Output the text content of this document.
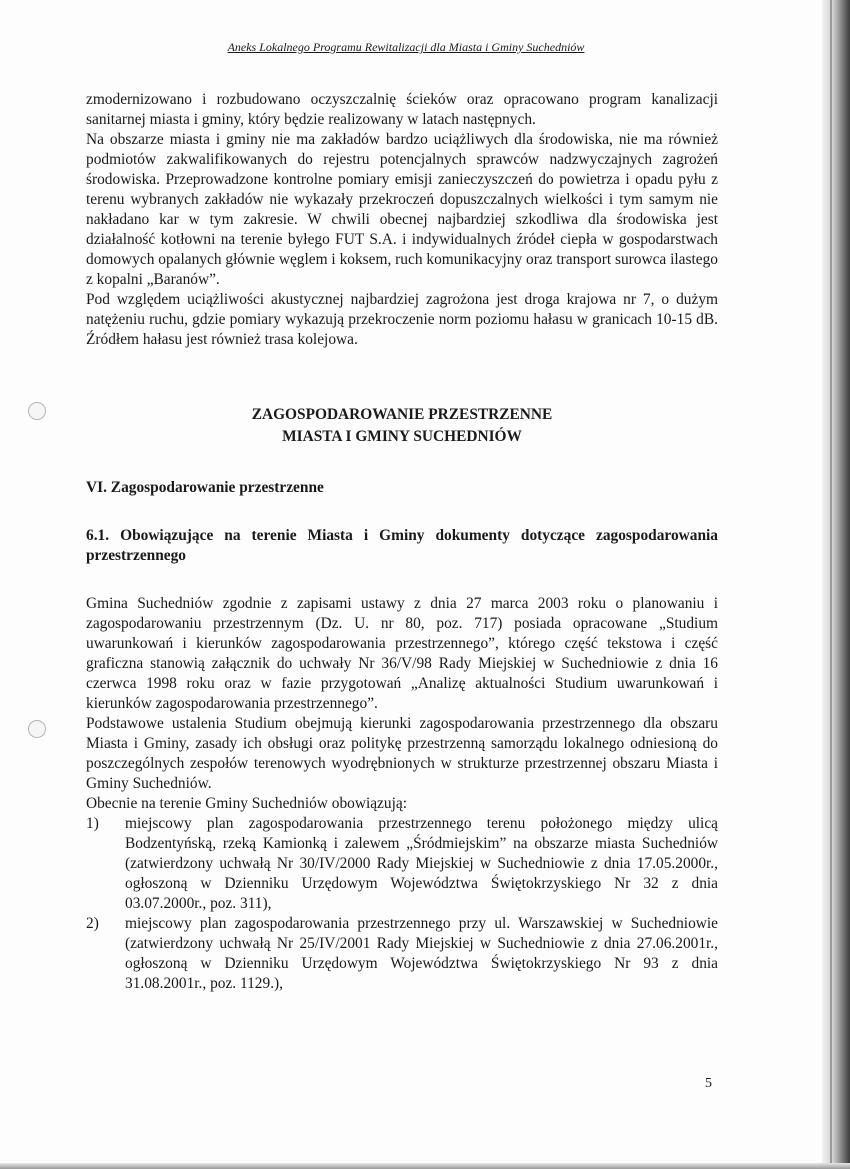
Aneks Lokalnego Programu Rewitalizacji dla Miasta i Gminy Suchedniów

zmodernizowano i rozbudowano oczyszczalnię ścieków oraz opracowano program kanalizacji sanitarnej miasta i gminy, który będzie realizowany w latach następnych.

Na obszarze miasta i gminy nie ma zakładów bardzo uciążliwych dla środowiska, nie ma również podmiotów zakwalifikowanych do rejestru potencjalnych sprawców nadzwyczajnych zagrożeń środowiska. Przeprowadzone kontrolne pomiary emisji zanieczyszczeń do powietrza i opadu pyłu z terenu wybranych zakładów nie wykazały przekroczeń dopuszczalnych wielkości i tym samym nie nakładano kar w tym zakresie. W chwili obecnej najbardziej szkodliwa dla środowiska jest działalność kotłowni na terenie byłego FUT S.A. i indywidualnych źródeł ciepła w gospodarstwach domowych opalanych głównie węglem i koksem, ruch komunikacyjny oraz transport surowca ilastego z kopalni „Baranów”.

Pod względem uciążliwości akustycznej najbardziej zagrożona jest droga krajowa nr 7, o dużym natężeniu ruchu, gdzie pomiary wykazują przekroczenie norm poziomu hałasu w granicach 10-15 dB. Źródłem hałasu jest również trasa kolejowa.

ZAGOSPODAROWANIE PRZESTRZENNE
MIASTA I GMINY SUCHEDNIÓW

VI. Zagospodarowanie przestrzenne

6.1. Obowiązujące na terenie Miasta i Gminy dokumenty dotyczące zagospodarowania przestrzennego

Gmina Suchedniów zgodnie z zapisami ustawy z dnia 27 marca 2003 roku o planowaniu i zagospodarowaniu przestrzennym (Dz. U. nr 80, poz. 717) posiada opracowane „Studium uwarunkowań i kierunków zagospodarowania przestrzennego”, którego część tekstowa i część graficzna stanowią załącznik do uchwały Nr 36/V/98 Rady Miejskiej w Suchedniowie z dnia 16 czerwca 1998 roku oraz w fazie przygotowań „Analizę aktualności Studium uwarunkowań i kierunków zagospodarowania przestrzennego”.

Podstawowe ustalenia Studium obejmują kierunki zagospodarowania przestrzennego dla obszaru Miasta i Gminy, zasady ich obsługi oraz politykę przestrzenną samorządu lokalnego odniesioną do poszczególnych zespołów terenowych wyodrębnionych w strukturze przestrzennej obszaru Miasta i Gminy Suchedniów.

Obecnie na terenie Gminy Suchedniów obowiązują:

1) miejscowy plan zagospodarowania przestrzennego terenu położonego między ulicą Bodzentyńską, rzeką Kamionką i zalewem „Śródmiejskim” na obszarze miasta Suchedniów (zatwierdzony uchwałą Nr 30/IV/2000 Rady Miejskiej w Suchedniowie z dnia 17.05.2000r., ogłoszoną w Dzienniku Urzędowym Województwa Świętokrzyskiego Nr 32 z dnia 03.07.2000r., poz. 311),
2) miejscowy plan zagospodarowania przestrzennego przy ul. Warszawskiej w Suchedniowie (zatwierdzony uchwałą Nr 25/IV/2001 Rady Miejskiej w Suchedniowie z dnia 27.06.2001r., ogłoszoną w Dzienniku Urzędowym Województwa Świętokrzyskiego Nr 93 z dnia 31.08.2001r., poz. 1129.),
5
